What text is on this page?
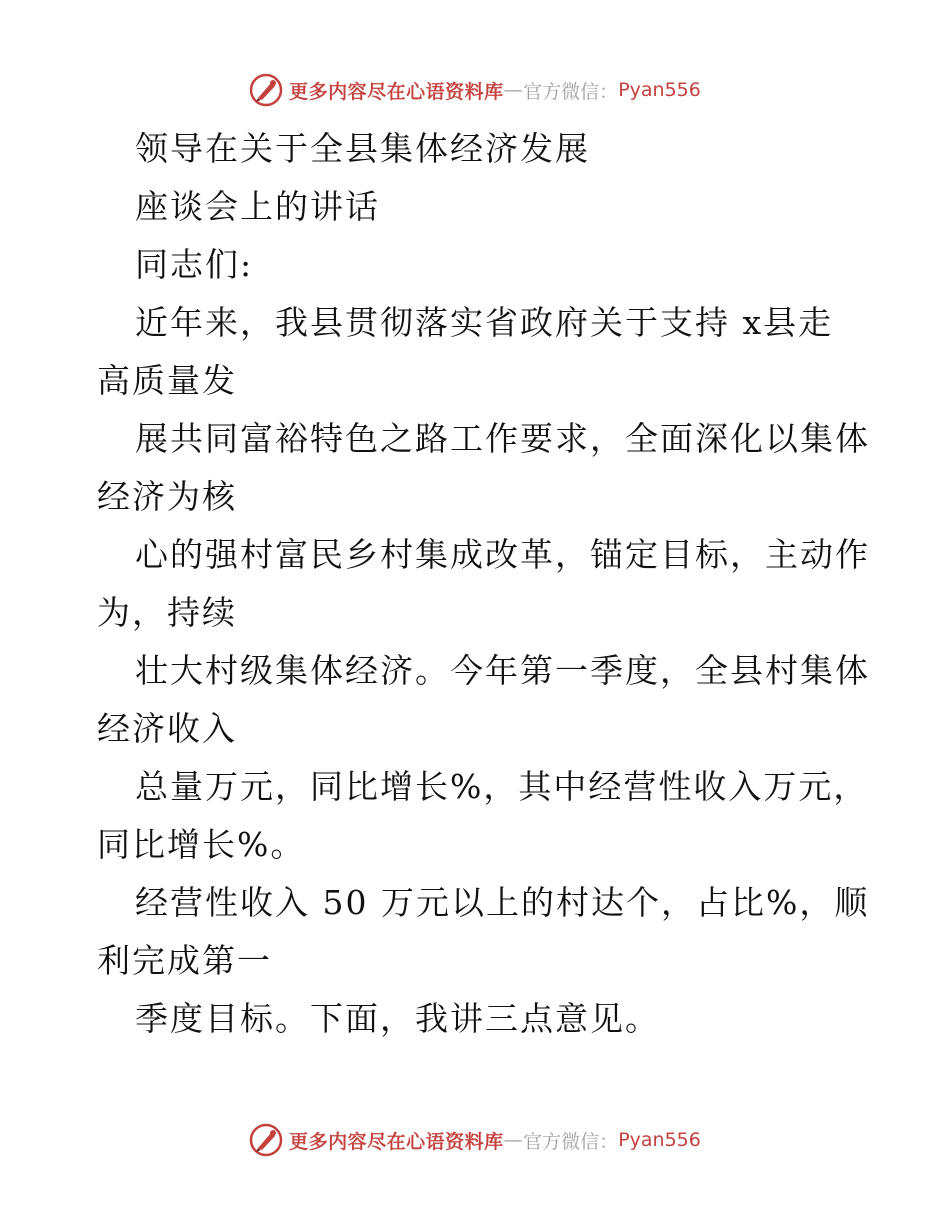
更多内容尽在心语资料库 — 官方微信： Pyan556
领导在关于全县集体经济发展
座谈会上的讲话
同志们:
近年来，我县贯彻落实省政府关于支持 x县走
高质量发
展共同富裕特色之路工作要求，全面深化以集体
经济为核
心的强村富民乡村集成改革，锚定目标，主动作
为，持续
壮大村级集体经济。今年第一季度，全县村集体
经济收入
总量万元，同比增长%，其中经营性收入万元，
同比增长%。
经营性收入 50 万元以上的村达个，占比%，顺
利完成第一
季度目标。下面，我讲三点意见。
更多内容尽在心语资料库 — 官方微信： Pyan556
